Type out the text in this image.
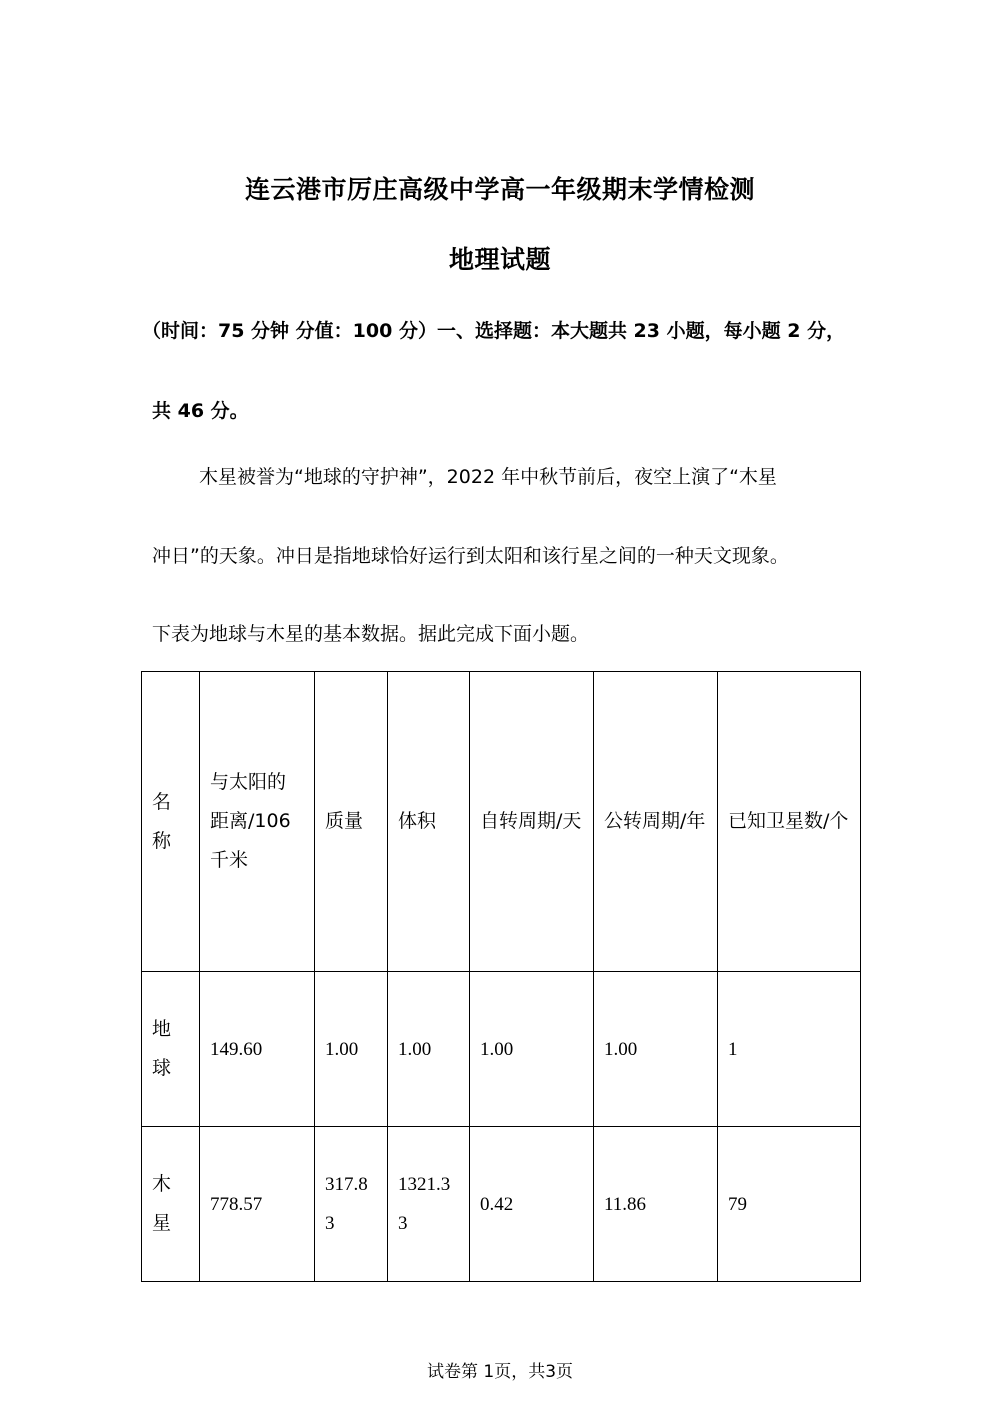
连云港市厉庄高级中学高一年级期末学情检测
地理试题
（时间：75 分钟 分值：100 分）一、选择题：本大题共 23 小题，每小题 2 分，
共 46 分。
木星被誉为“地球的守护神”，2022 年中秋节前后，夜空上演了“木星
冲日”的天象。冲日是指地球恰好运行到太阳和该行星之间的一种天文现象。
下表为地球与木星的基本数据。据此完成下面小题。
名称	与太阳的距离/106 千米	质量	体积	自转周期/天	公转周期/年	已知卫星数/个
地球	149.60	1.00	1.00	1.00	1.00	1
木星	778.57	317.83	1321.33	0.42	11.86	79
试卷第 1页，共3页
